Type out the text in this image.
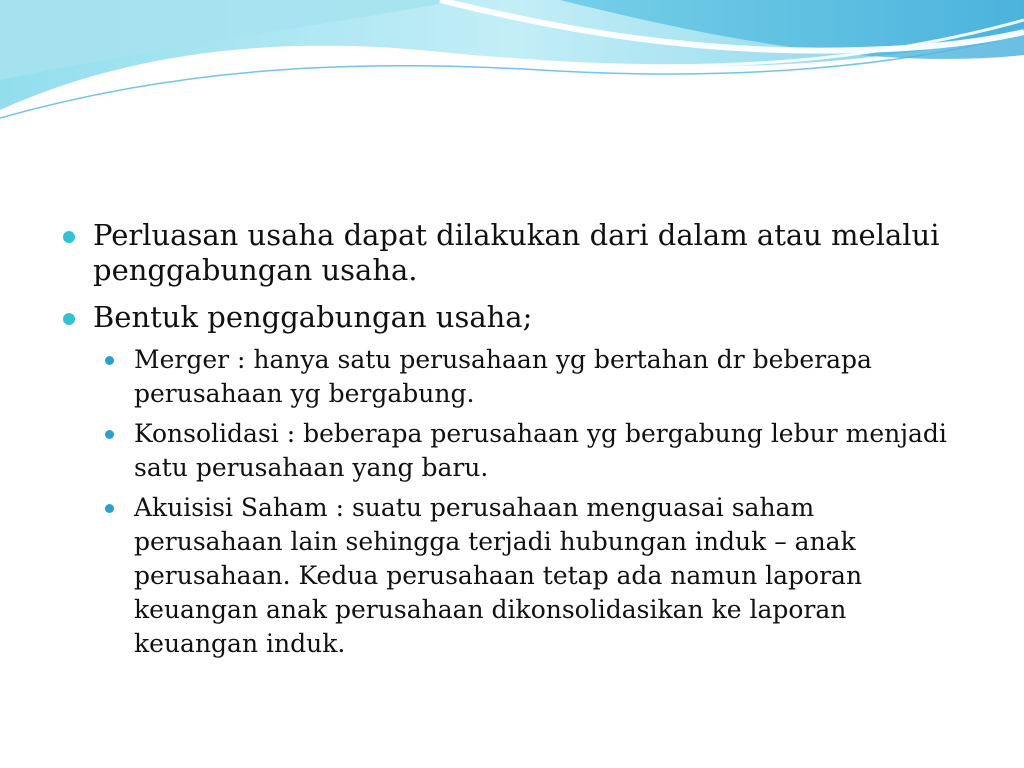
Perluasan usaha dapat dilakukan dari dalam atau melalui penggabungan usaha.
Bentuk penggabungan usaha;
Merger : hanya satu perusahaan yg bertahan dr beberapa perusahaan yg bergabung.
Konsolidasi : beberapa perusahaan yg bergabung lebur menjadi satu perusahaan yang baru.
Akuisisi Saham : suatu perusahaan menguasai saham perusahaan lain sehingga terjadi hubungan induk – anak perusahaan. Kedua perusahaan tetap ada namun laporan keuangan anak perusahaan dikonsolidasikan ke laporan keuangan induk.
